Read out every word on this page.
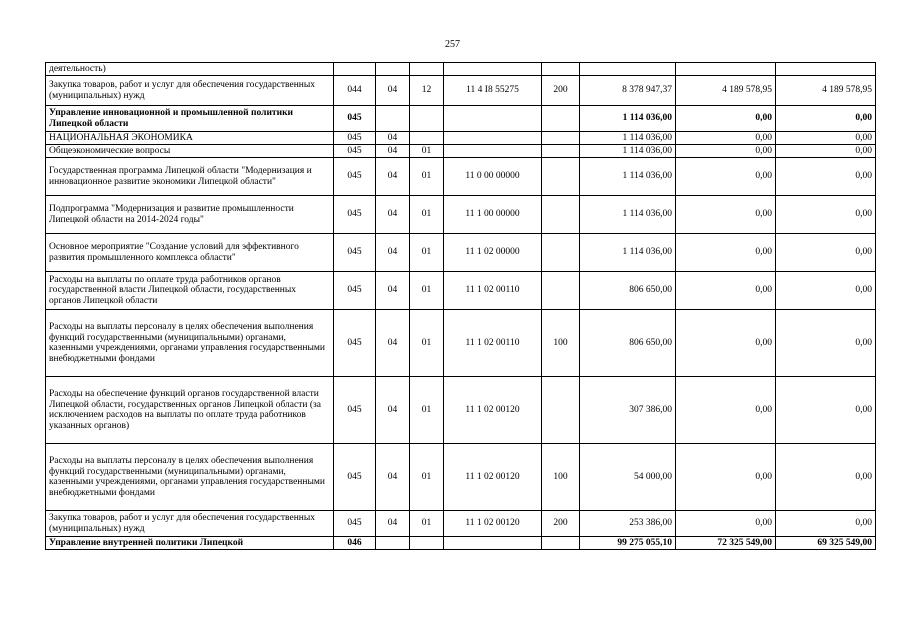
257
деятельность)								
Закупка товаров, работ и услуг для обеспечения государственных (муниципальных) нужд	044	04	12	11 4 I8 55275	200	8 378 947,37	4 189 578,95	4 189 578,95
Управление инновационной и промышленной политики Липецкой области	045					1 114 036,00	0,00	0,00
НАЦИОНАЛЬНАЯ ЭКОНОМИКА	045	04				1 114 036,00	0,00	0,00
Общеэкономические вопросы	045	04	01			1 114 036,00	0,00	0,00
Государственная программа Липецкой области "Модернизация и инновационное развитие экономики Липецкой области"	045	04	01	11 0 00 00000		1 114 036,00	0,00	0,00
Подпрограмма "Модернизация и развитие промышленности Липецкой области на 2014-2024 годы"	045	04	01	11 1 00 00000		1 114 036,00	0,00	0,00
Основное мероприятие "Создание условий для эффективного развития промышленного комплекса области"	045	04	01	11 1 02 00000		1 114 036,00	0,00	0,00
Расходы на выплаты по оплате труда работников органов государственной власти Липецкой области, государственных органов Липецкой области	045	04	01	11 1 02 00110		806 650,00	0,00	0,00
Расходы на выплаты персоналу в целях обеспечения выполнения функций государственными (муниципальными) органами, казенными учреждениями, органами управления государственными внебюджетными фондами	045	04	01	11 1 02 00110	100	806 650,00	0,00	0,00
Расходы на обеспечение функций органов государственной власти Липецкой области, государственных органов Липецкой области (за исключением расходов на выплаты по оплате труда работников указанных органов)	045	04	01	11 1 02 00120		307 386,00	0,00	0,00
Расходы на выплаты персоналу в целях обеспечения выполнения функций государственными (муниципальными) органами, казенными учреждениями, органами управления государственными внебюджетными фондами	045	04	01	11 1 02 00120	100	54 000,00	0,00	0,00
Закупка товаров, работ и услуг для обеспечения государственных (муниципальных) нужд	045	04	01	11 1 02 00120	200	253 386,00	0,00	0,00
Управление внутренней политики Липецкой	046					99 275 055,10	72 325 549,00	69 325 549,00
